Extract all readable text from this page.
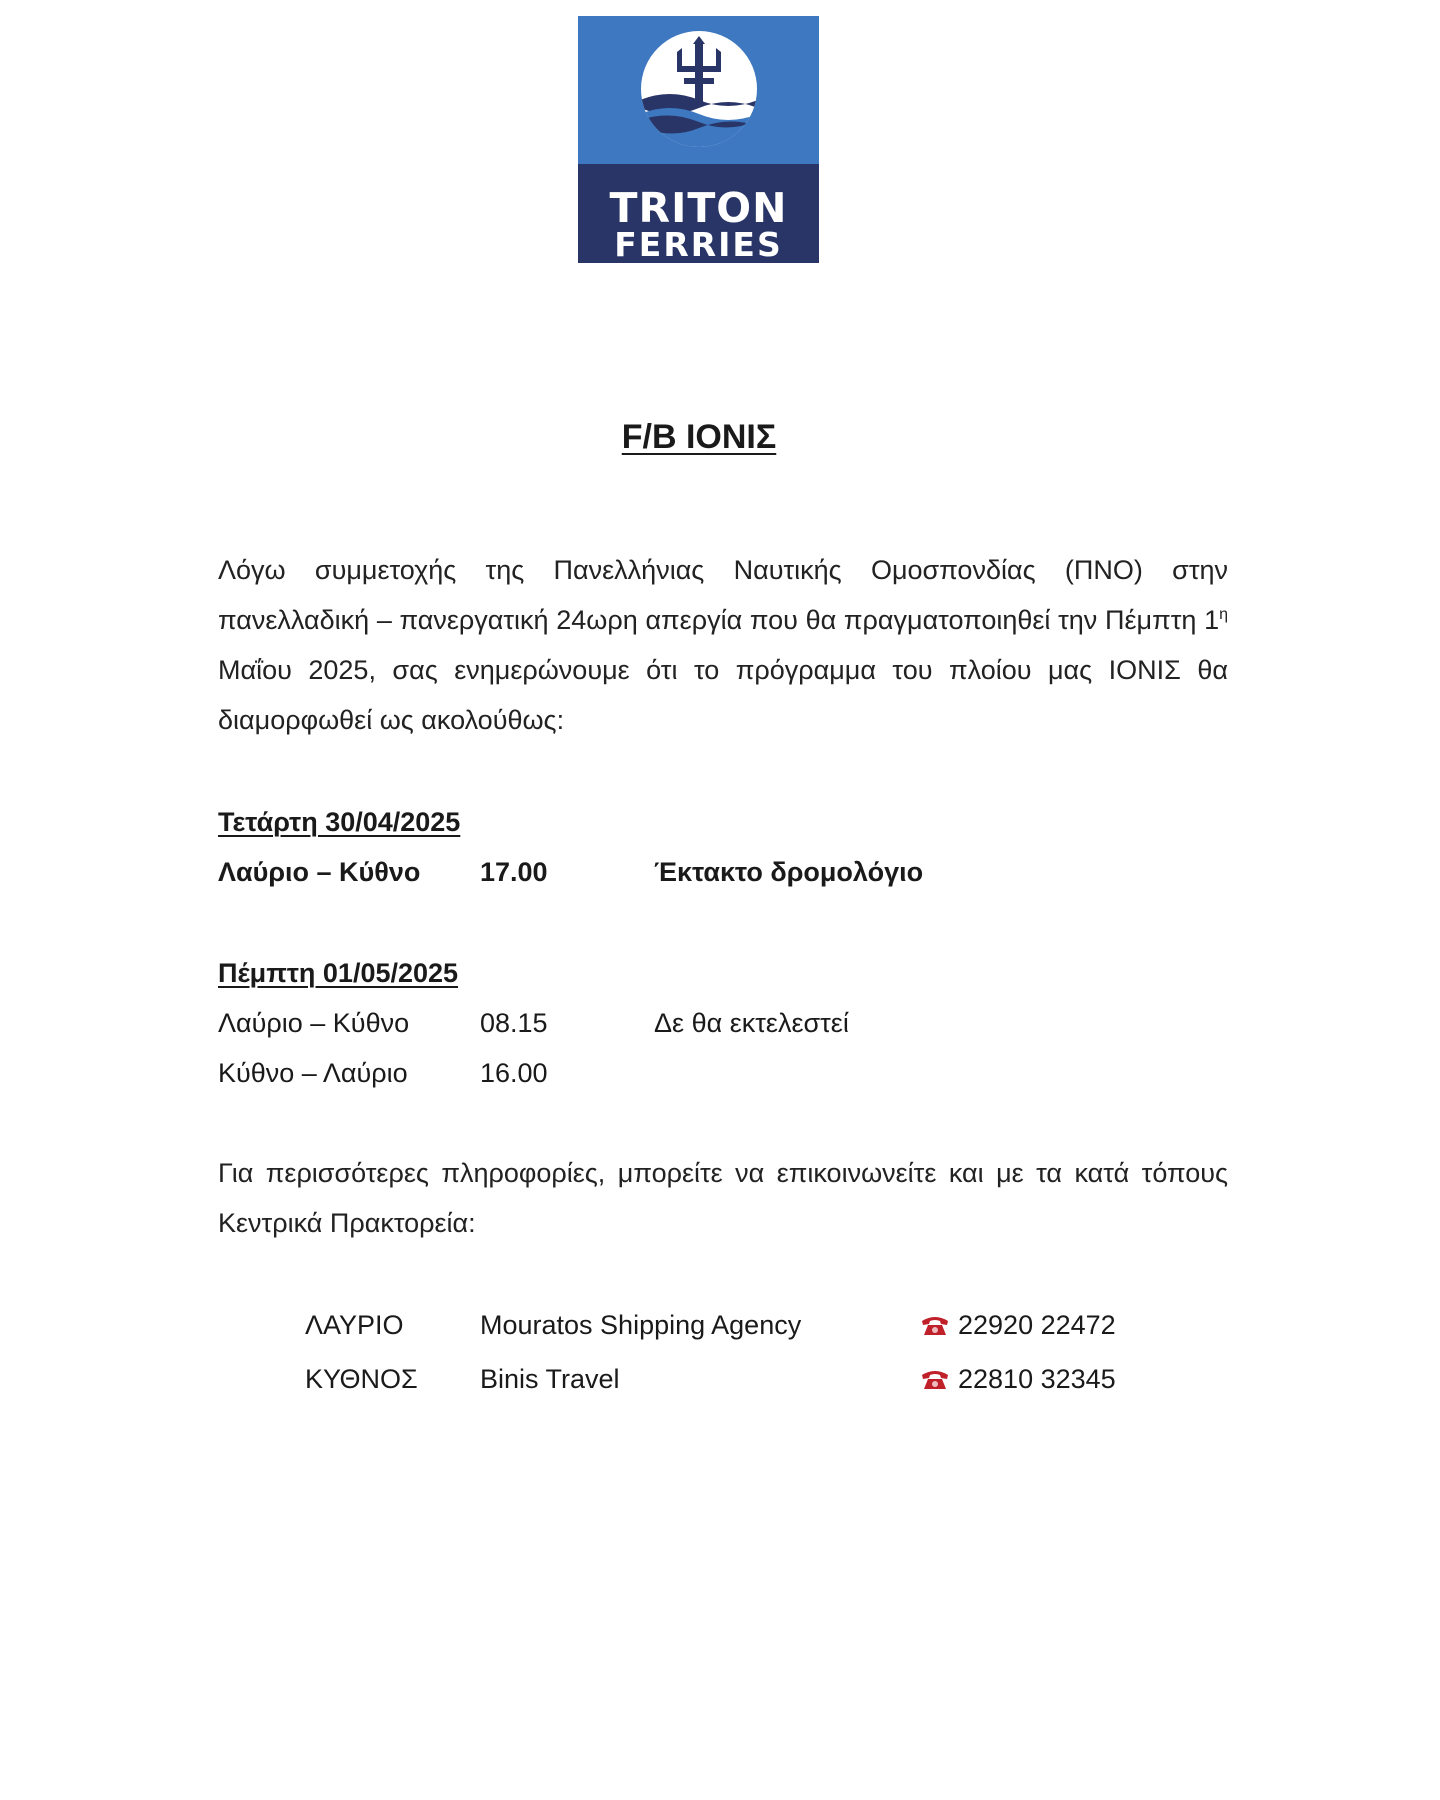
TRITON
FERRIES
F/B ΙΟΝΙΣ
Λόγω συμμετοχής της Πανελλήνιας Ναυτικής Ομοσπονδίας (ΠΝΟ) στην πανελλαδική – πανεργατική 24ωρη απεργία που θα πραγματοποιηθεί την Πέμπτη $1^\eta$ Μαΐου 2025, σας ενημερώνουμε ότι το πρόγραμμα του πλοίου μας ΙΟΝΙΣ θα διαμορφωθεί ως ακολούθως:
Τετάρτη 30/04/2025
Λαύριο – Κύθνο 17.00	Έκτακτο δρομολόγιο
Πέμπτη 01/05/2025
Λαύριο – Κύθνο	08.15	Δε θα εκτελεστεί
Κύθνο – Λαύριο	16.00
Για περισσότερες πληροφορίες, μπορείτε να επικοινωνείτε και με τα κατά τόπους Κεντρικά Πρακτορεία:
ΛΑΥΡΙΟ	Mouratos Shipping Agency	22920 22472
ΚΥΘΝΟΣ Binis Travel	22810 32345
